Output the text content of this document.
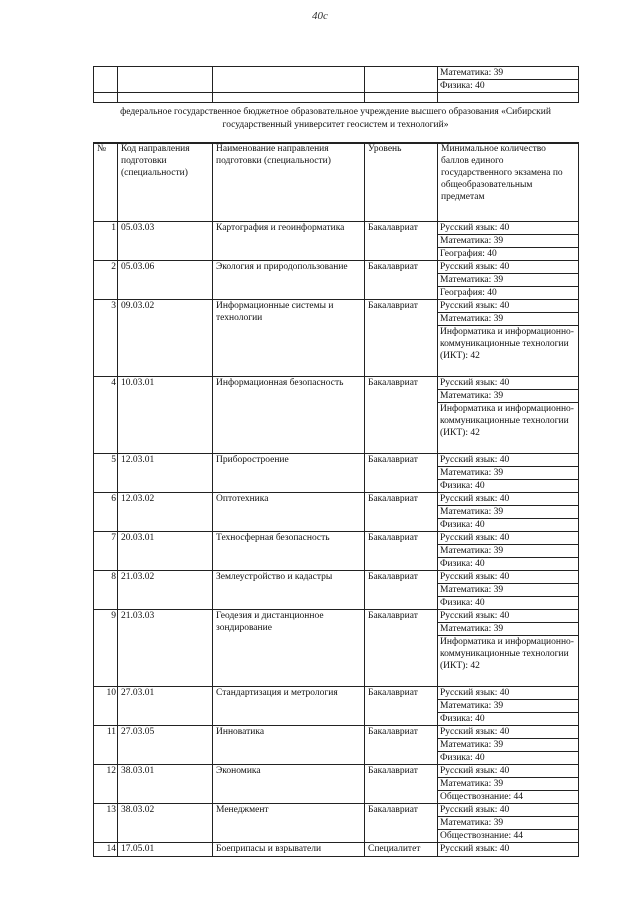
40с

Математика: 39
Физика: 40

федеральное государственное бюджетное образовательное учреждение высшего образования «Сибирский государственный университет геосистем и технологий»
№	Код направления подготовки (специальности)	Наименование направления подготовки (специальности)	Уровень	Минимальное количество баллов единого государственного экзамена по общеобразовательным предметам
1	05.03.03	Картография и геоинформатика	Бакалавриат	Русский язык: 40
Математика: 39
География: 40

2	05.03.06	Экология и природопользование	Бакалавриат	Русский язык: 40
Математика: 39
География: 40

3	09.03.02	Информационные системы и технологии	Бакалавриат	Русский язык: 40
Математика: 39
Информатика и информационно-коммуникационные технологии (ИКТ): 42

4	10.03.01	Информационная безопасность	Бакалавриат	Русский язык: 40
Математика: 39
Информатика и информационно-коммуникационные технологии (ИКТ): 42

5	12.03.01	Приборостроение	Бакалавриат	Русский язык: 40
Математика: 39
Физика: 40

6	12.03.02	Оптотехника	Бакалавриат	Русский язык: 40
Математика: 39
Физика: 40

7	20.03.01	Техносферная безопасность	Бакалавриат	Русский язык: 40
Математика: 39
Физика: 40

8	21.03.02	Землеустройство и кадастры	Бакалавриат	Русский язык: 40
Математика: 39
Физика: 40

9	21.03.03	Геодезия и дистанционное зондирование	Бакалавриат	Русский язык: 40
Математика: 39
Информатика и информационно-коммуникационные технологии (ИКТ): 42

10	27.03.01	Стандартизация и метрология	Бакалавриат	Русский язык: 40
Математика: 39
Физика: 40

11	27.03.05	Инноватика	Бакалавриат	Русский язык: 40
Математика: 39
Физика: 40

12	38.03.01	Экономика	Бакалавриат	Русский язык: 40
Математика: 39
Обществознание: 44

13	38.03.02	Менеджмент	Бакалавриат	Русский язык: 40
Математика: 39
Обществознание: 44

14	17.05.01	Боеприпасы и взрыватели	Специалитет	Русский язык: 40
